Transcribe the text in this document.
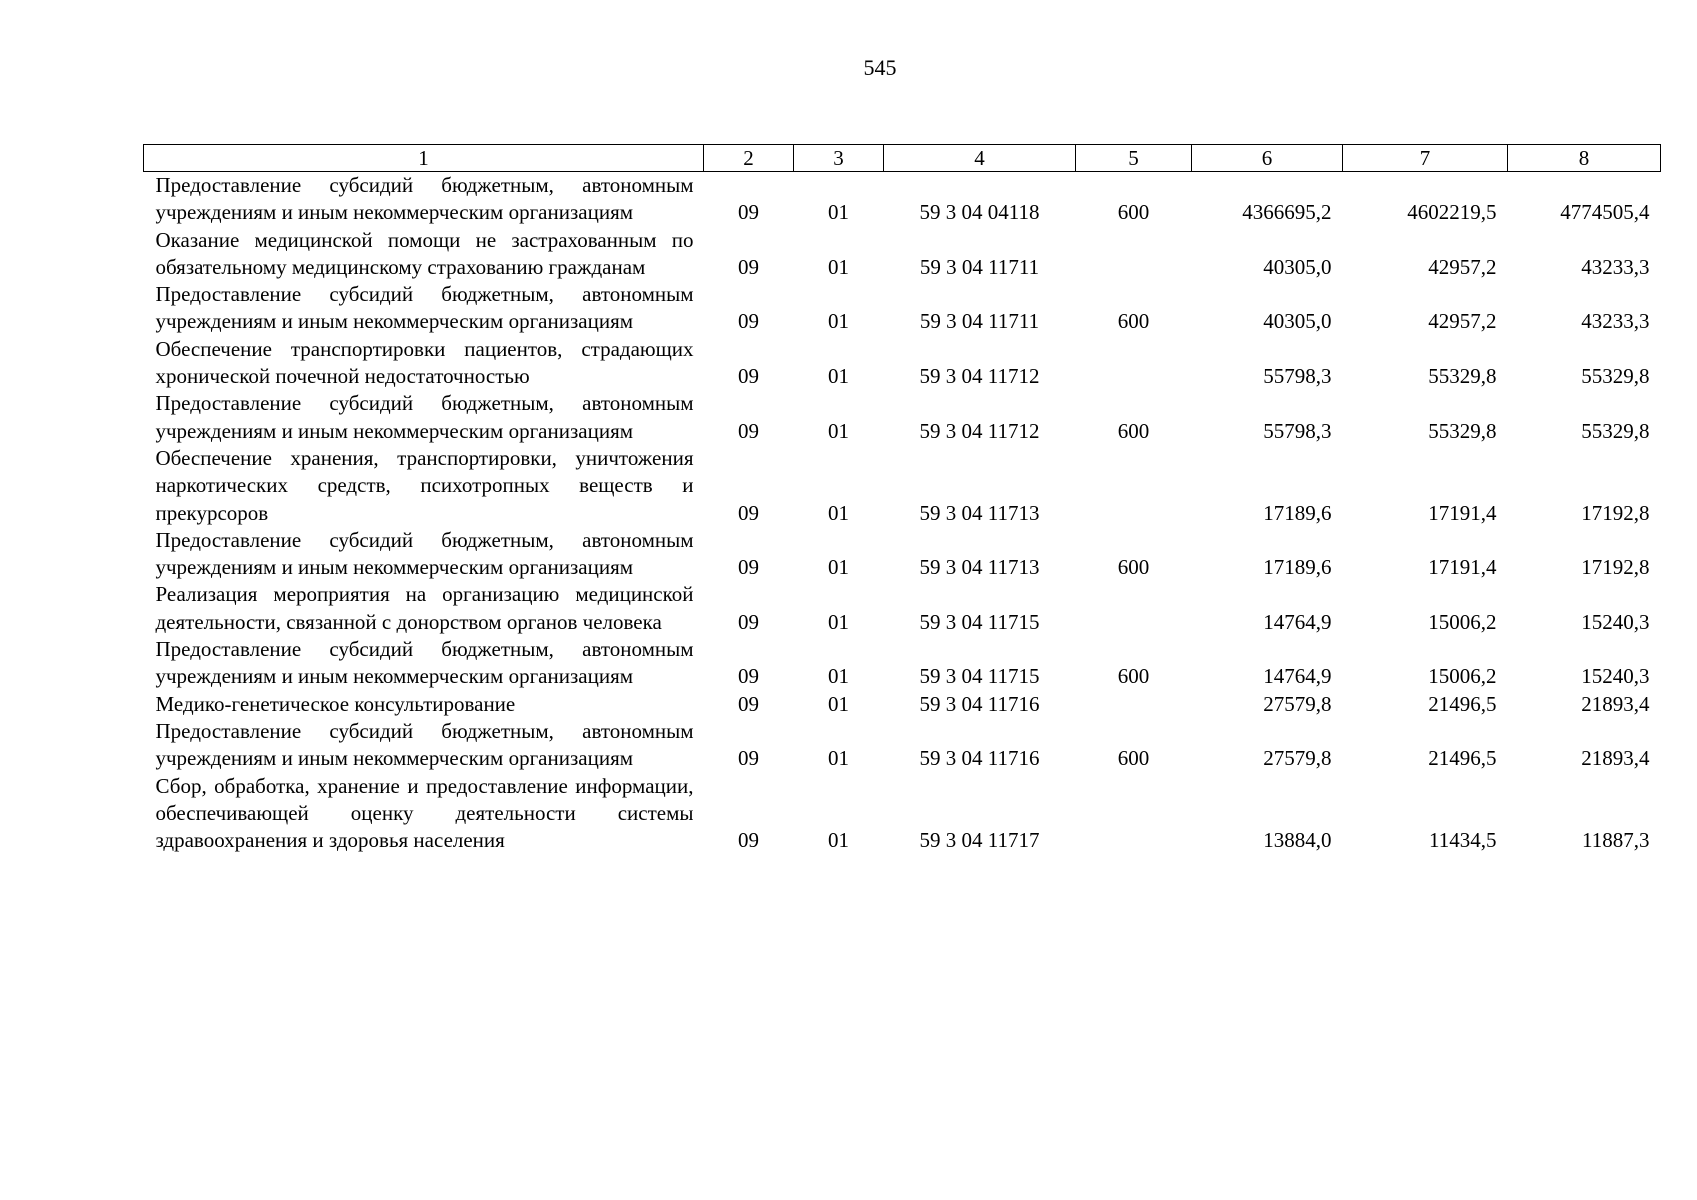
545
1	2	3	4	5	6	7	8
Предоставление субсидий бюджетным, автономным учреждениям и иным некоммерческим организациям	09	01	59 3 04 04118	600	4366695,2	4602219,5	4774505,4
Оказание медицинской помощи не застрахованным по обязательному медицинскому страхованию гражданам	09	01	59 3 04 11711		40305,0	42957,2	43233,3
Предоставление субсидий бюджетным, автономным учреждениям и иным некоммерческим организациям	09	01	59 3 04 11711	600	40305,0	42957,2	43233,3
Обеспечение транспортировки пациентов, страдающих хронической почечной недостаточностью	09	01	59 3 04 11712		55798,3	55329,8	55329,8
Предоставление субсидий бюджетным, автономным учреждениям и иным некоммерческим организациям	09	01	59 3 04 11712	600	55798,3	55329,8	55329,8
Обеспечение хранения, транспортировки, уничтожения наркотических средств, психотропных веществ и прекурсоров	09	01	59 3 04 11713		17189,6	17191,4	17192,8
Предоставление субсидий бюджетным, автономным учреждениям и иным некоммерческим организациям	09	01	59 3 04 11713	600	17189,6	17191,4	17192,8
Реализация мероприятия на организацию медицинской деятельности, связанной с донорством органов человека	09	01	59 3 04 11715		14764,9	15006,2	15240,3
Предоставление субсидий бюджетным, автономным учреждениям и иным некоммерческим организациям	09	01	59 3 04 11715	600	14764,9	15006,2	15240,3
Медико-генетическое консультирование	09	01	59 3 04 11716		27579,8	21496,5	21893,4
Предоставление субсидий бюджетным, автономным учреждениям и иным некоммерческим организациям	09	01	59 3 04 11716	600	27579,8	21496,5	21893,4
Сбор, обработка, хранение и предоставление информации, обеспечивающей оценку деятельности системы здравоохранения и здоровья населения	09	01	59 3 04 11717		13884,0	11434,5	11887,3
